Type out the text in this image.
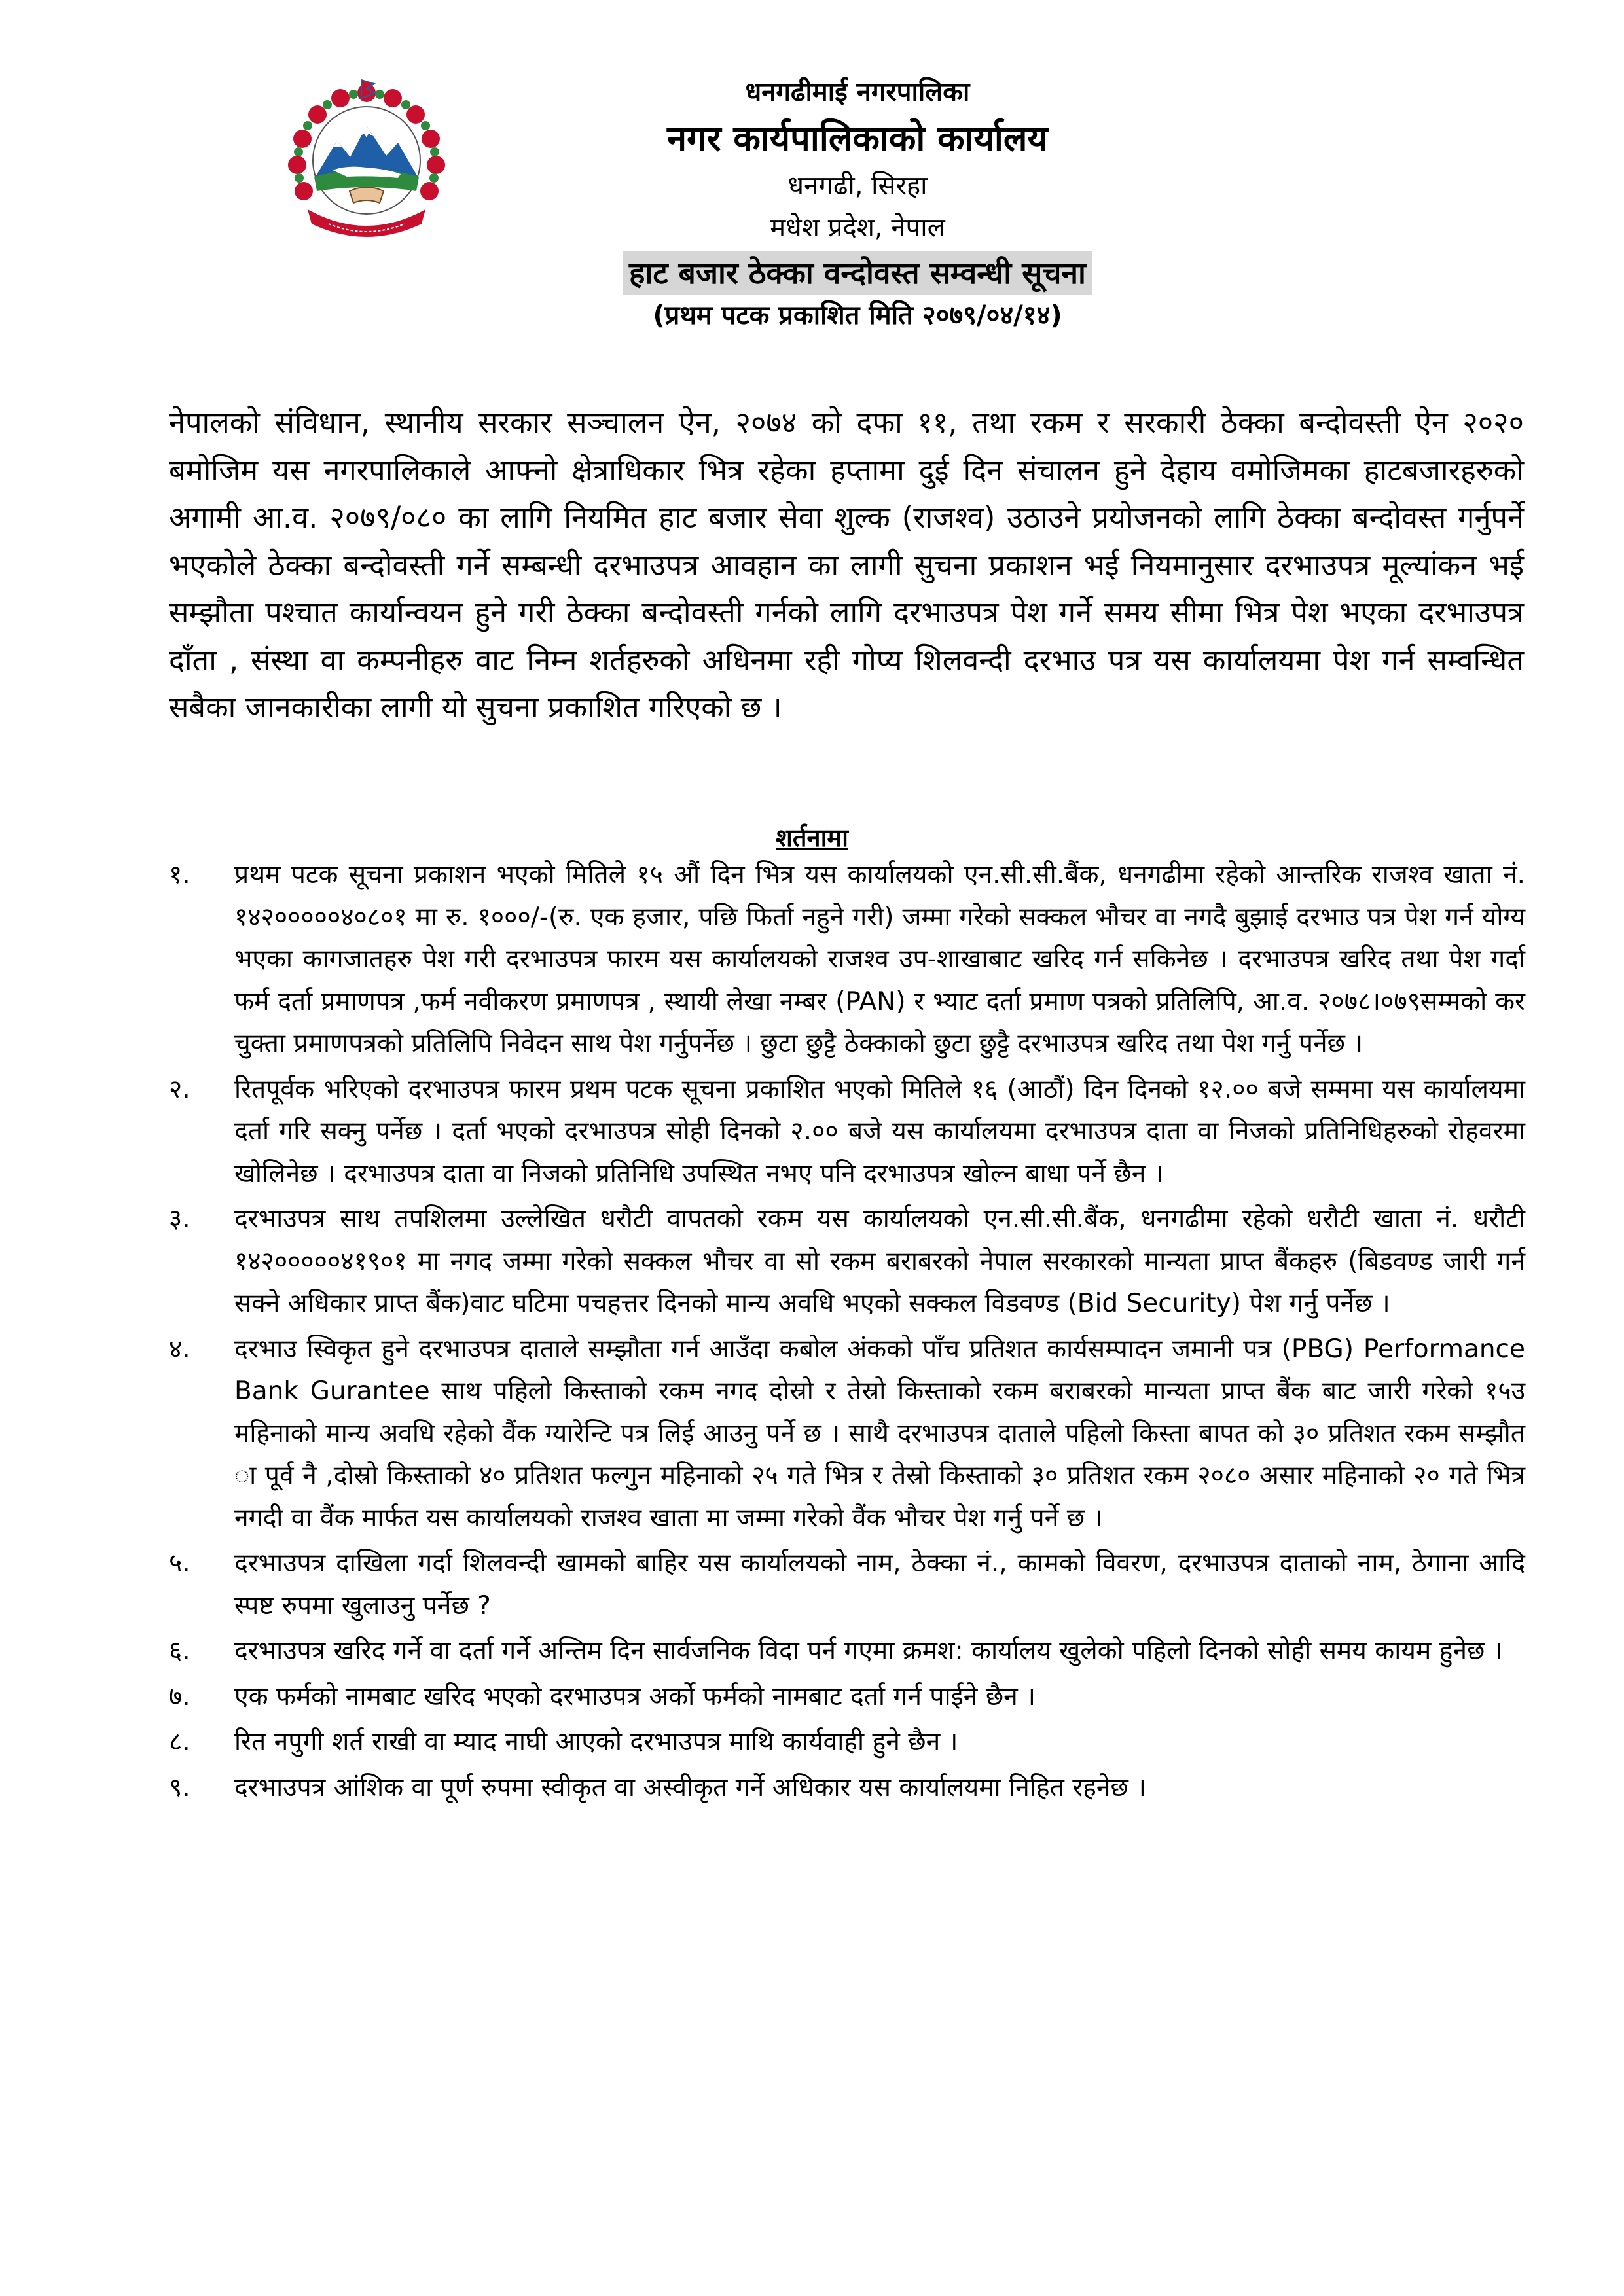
धनगढीमाई नगरपालिका
नगर कार्यपालिकाको कार्यालय
धनगढी, सिरहा
मधेश प्रदेश, नेपाल
हाट बजार ठेक्का वन्दोवस्त सम्वन्धी सूचना
(प्रथम पटक प्रकाशित मिति २०७९/०४/१४)
नेपालको संविधान, स्थानीय सरकार सञ्चालन ऐन, २०७४ को दफा ११, तथा रकम र सरकारी ठेक्का बन्दोवस्ती ऐन २०२० बमोजिम यस नगरपालिकाले आफ्नो क्षेत्राधिकार भित्र रहेका हप्तामा दुई दिन संचालन हुने देहाय वमोजिमका हाटबजारहरुको अगामी आ.व. २०७९/०८० का लागि नियमित हाट बजार सेवा शुल्क (राजश्व) उठाउने प्रयोजनको लागि ठेक्का बन्दोवस्त गर्नुपर्ने भएकोले ठेक्का बन्दोवस्ती गर्ने सम्बन्धी दरभाउपत्र आवहान का लागी सुचना प्रकाशन भई नियमानुसार दरभाउपत्र मूल्यांकन भई सम्झौता पश्चात कार्यान्वयन हुने गरी ठेक्का बन्दोवस्ती गर्नको लागि दरभाउपत्र पेश गर्ने समय सीमा भित्र पेश भएका दरभाउपत्र दाँता , संस्था वा कम्पनीहरु वाट निम्न शर्तहरुको अधिनमा रही गोप्य शिलवन्दी दरभाउ पत्र यस कार्यालयमा पेश गर्न सम्वन्धित सबैका जानकारीका लागी यो सुचना प्रकाशित गरिएको छ ।
शर्तनामा
१.	प्रथम पटक सूचना प्रकाशन भएको मितिले १५ औं दिन भित्र यस कार्यालयको एन.सी.सी.बैंक, धनगढीमा रहेको आन्तरिक राजश्व खाता नं. १४२०००००४०८०१ मा रु. १०००/-(रु. एक हजार, पछि फिर्ता नहुने गरी) जम्मा गरेको सक्कल भौचर वा नगदै बुझाई दरभाउ पत्र पेश गर्न योग्य भएका कागजातहरु पेश गरी दरभाउपत्र फारम यस कार्यालयको राजश्व उप-शाखाबाट खरिद गर्न सकिनेछ । दरभाउपत्र खरिद तथा पेश गर्दा फर्म दर्ता प्रमाणपत्र ,फर्म नवीकरण प्रमाणपत्र , स्थायी लेखा नम्बर (PAN) र भ्याट दर्ता प्रमाण पत्रको प्रतिलिपि, आ.व. २०७८।०७९सम्मको कर चुक्ता प्रमाणपत्रको प्रतिलिपि निवेदन साथ पेश गर्नुपर्नेछ । छुटा छुट्टै ठेक्काको छुटा छुट्टै दरभाउपत्र खरिद तथा पेश गर्नु पर्नेछ ।
२.	रितपूर्वक भरिएको दरभाउपत्र फारम प्रथम पटक सूचना प्रकाशित भएको मितिले १६ (आठौं) दिन दिनको १२.०० बजे सम्ममा यस कार्यालयमा दर्ता गरि सक्नु पर्नेछ । दर्ता भएको दरभाउपत्र सोही दिनको २.०० बजे यस कार्यालयमा दरभाउपत्र दाता वा निजको प्रतिनिधिहरुको रोहवरमा खोलिनेछ । दरभाउपत्र दाता वा निजको प्रतिनिधि उपस्थित नभए पनि दरभाउपत्र खोल्न बाधा पर्ने छैन ।
३.	दरभाउपत्र साथ तपशिलमा उल्लेखित धरौटी वापतको रकम यस कार्यालयको एन.सी.सी.बैंक, धनगढीमा रहेको धरौटी खाता नं. धरौटी १४२०००००४१९०१ मा नगद जम्मा गरेको सक्कल भौचर वा सो रकम बराबरको नेपाल सरकारको मान्यता प्राप्त बैंकहरु (बिडवण्ड जारी गर्न सक्ने अधिकार प्राप्त बैंक)वाट घटिमा पचहत्तर दिनको मान्य अवधि भएको सक्कल विडवण्ड (Bid Security) पेश गर्नु पर्नेछ ।
४.	दरभाउ स्विकृत हुने दरभाउपत्र दाताले सम्झौता गर्न आउँदा कबोल अंकको पाँच प्रतिशत कार्यसम्पादन जमानी पत्र (PBG) Performance Bank Gurantee साथ पहिलो किस्ताको रकम नगद दोस्रो र तेस्रो किस्ताको रकम बराबरको मान्यता प्राप्त बैंक बाट जारी गरेको १५उ महिनाको मान्य अवधि रहेको वैंक ग्यारेन्टि पत्र लिई आउनु पर्ने छ । साथै दरभाउपत्र दाताले पहिलो किस्ता बापत को ३० प्रतिशत रकम सम्झौत ा पूर्व नै ,दोस्रो किस्ताको ४० प्रतिशत फल्गुन महिनाको २५ गते भित्र र तेस्रो किस्ताको ३० प्रतिशत रकम २०८० असार महिनाको २० गते भित्र नगदी वा वैंक मार्फत यस कार्यालयको राजश्व खाता मा जम्मा गरेको वैंक भौचर पेश गर्नु पर्ने छ ।
५.	दरभाउपत्र दाखिला गर्दा शिलवन्दी खामको बाहिर यस कार्यालयको नाम, ठेक्का नं., कामको विवरण, दरभाउपत्र दाताको नाम, ठेगाना आदि स्पष्ट रुपमा खुलाउनु पर्नेछ ?
६.	दरभाउपत्र खरिद गर्ने वा दर्ता गर्ने अन्तिम दिन सार्वजनिक विदा पर्न गएमा क्रमश: कार्यालय खुलेको पहिलो दिनको सोही समय कायम हुनेछ ।
७.	एक फर्मको नामबाट खरिद भएको दरभाउपत्र अर्को फर्मको नामबाट दर्ता गर्न पाईने छैन ।
८.	रित नपुगी शर्त राखी वा म्याद नाघी आएको दरभाउपत्र माथि कार्यवाही हुने छैन ।
९.	दरभाउपत्र आंशिक वा पूर्ण रुपमा स्वीकृत वा अस्वीकृत गर्ने अधिकार यस कार्यालयमा निहित रहनेछ ।
